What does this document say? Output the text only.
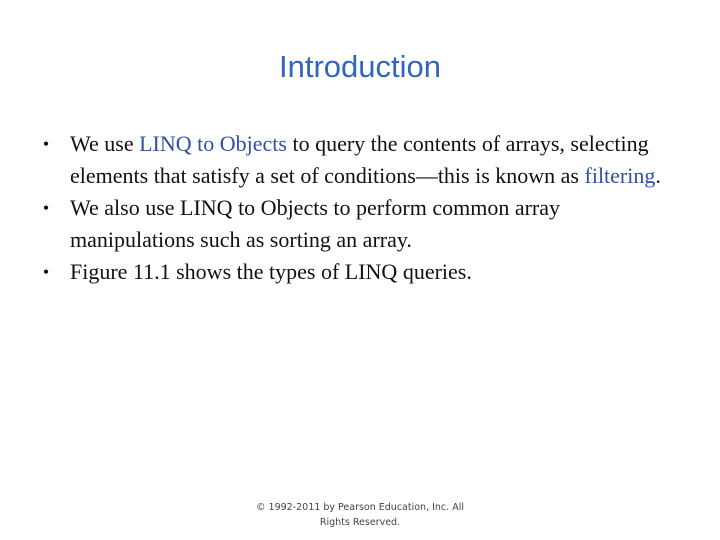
Introduction
• We use LINQ to Objects to query the contents of arrays, selecting elements that satisfy a set of conditions—this is known as filtering.
• We also use LINQ to Objects to perform common array manipulations such as sorting an array.
• Figure 11.1 shows the types of LINQ queries.
© 1992-2011 by Pearson Education, Inc. All
Rights Reserved.
